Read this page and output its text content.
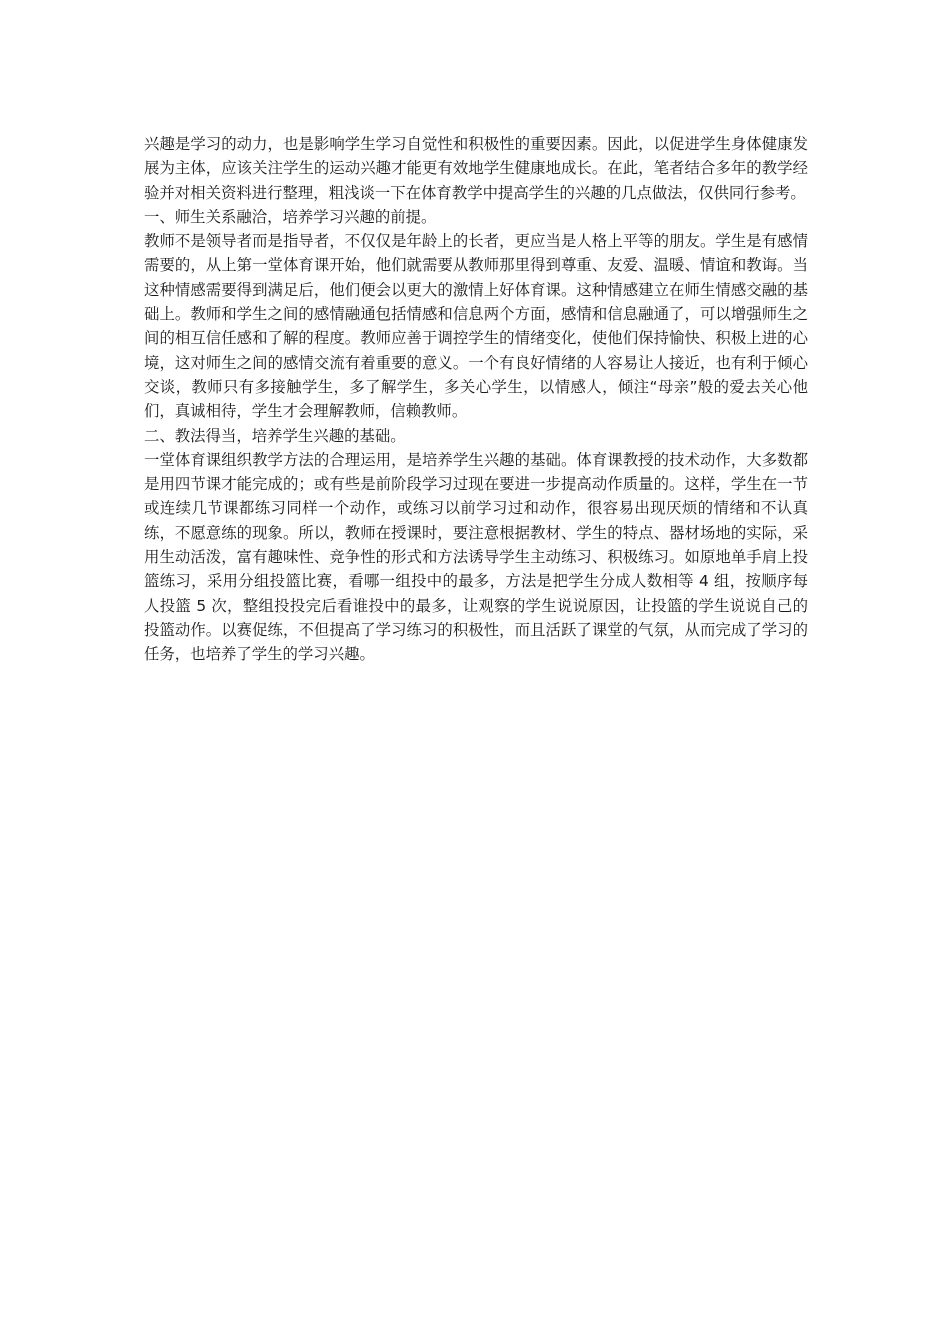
兴趣是学习的动力，也是影响学生学习自觉性和积极性的重要因素。因此，以促进学生身体健康发展为主体，应该关注学生的运动兴趣才能更有效地学生健康地成长。在此，笔者结合多年的教学经验并对相关资料进行整理，粗浅谈一下在体育教学中提高学生的兴趣的几点做法，仅供同行参考。

一、师生关系融洽，培养学习兴趣的前提。

教师不是领导者而是指导者，不仅仅是年龄上的长者，更应当是人格上平等的朋友。学生是有感情需要的，从上第一堂体育课开始，他们就需要从教师那里得到尊重、友爱、温暖、情谊和教诲。当这种情感需要得到满足后，他们便会以更大的激情上好体育课。这种情感建立在师生情感交融的基础上。教师和学生之间的感情融通包括情感和信息两个方面，感情和信息融通了，可以增强师生之间的相互信任感和了解的程度。教师应善于调控学生的情绪变化，使他们保持愉快、积极上进的心境，这对师生之间的感情交流有着重要的意义。一个有良好情绪的人容易让人接近，也有利于倾心交谈，教师只有多接触学生，多了解学生，多关心学生，以情感人，倾注“母亲”般的爱去关心他们，真诚相待，学生才会理解教师，信赖教师。

二、教法得当，培养学生兴趣的基础。

一堂体育课组织教学方法的合理运用，是培养学生兴趣的基础。体育课教授的技术动作，大多数都是用四节课才能完成的；或有些是前阶段学习过现在要进一步提高动作质量的。这样，学生在一节或连续几节课都练习同样一个动作，或练习以前学习过和动作，很容易出现厌烦的情绪和不认真练，不愿意练的现象。所以，教师在授课时，要注意根据教材、学生的特点、器材场地的实际，采用生动活泼，富有趣味性、竞争性的形式和方法诱导学生主动练习、积极练习。如原地单手肩上投篮练习，采用分组投篮比赛，看哪一组投中的最多，方法是把学生分成人数相等 4 组，按顺序每人投篮 5 次，整组投投完后看谁投中的最多，让观察的学生说说原因，让投篮的学生说说自己的投篮动作。以赛促练，不但提高了学习练习的积极性，而且活跃了课堂的气氛，从而完成了学习的任务，也培养了学生的学习兴趣。
